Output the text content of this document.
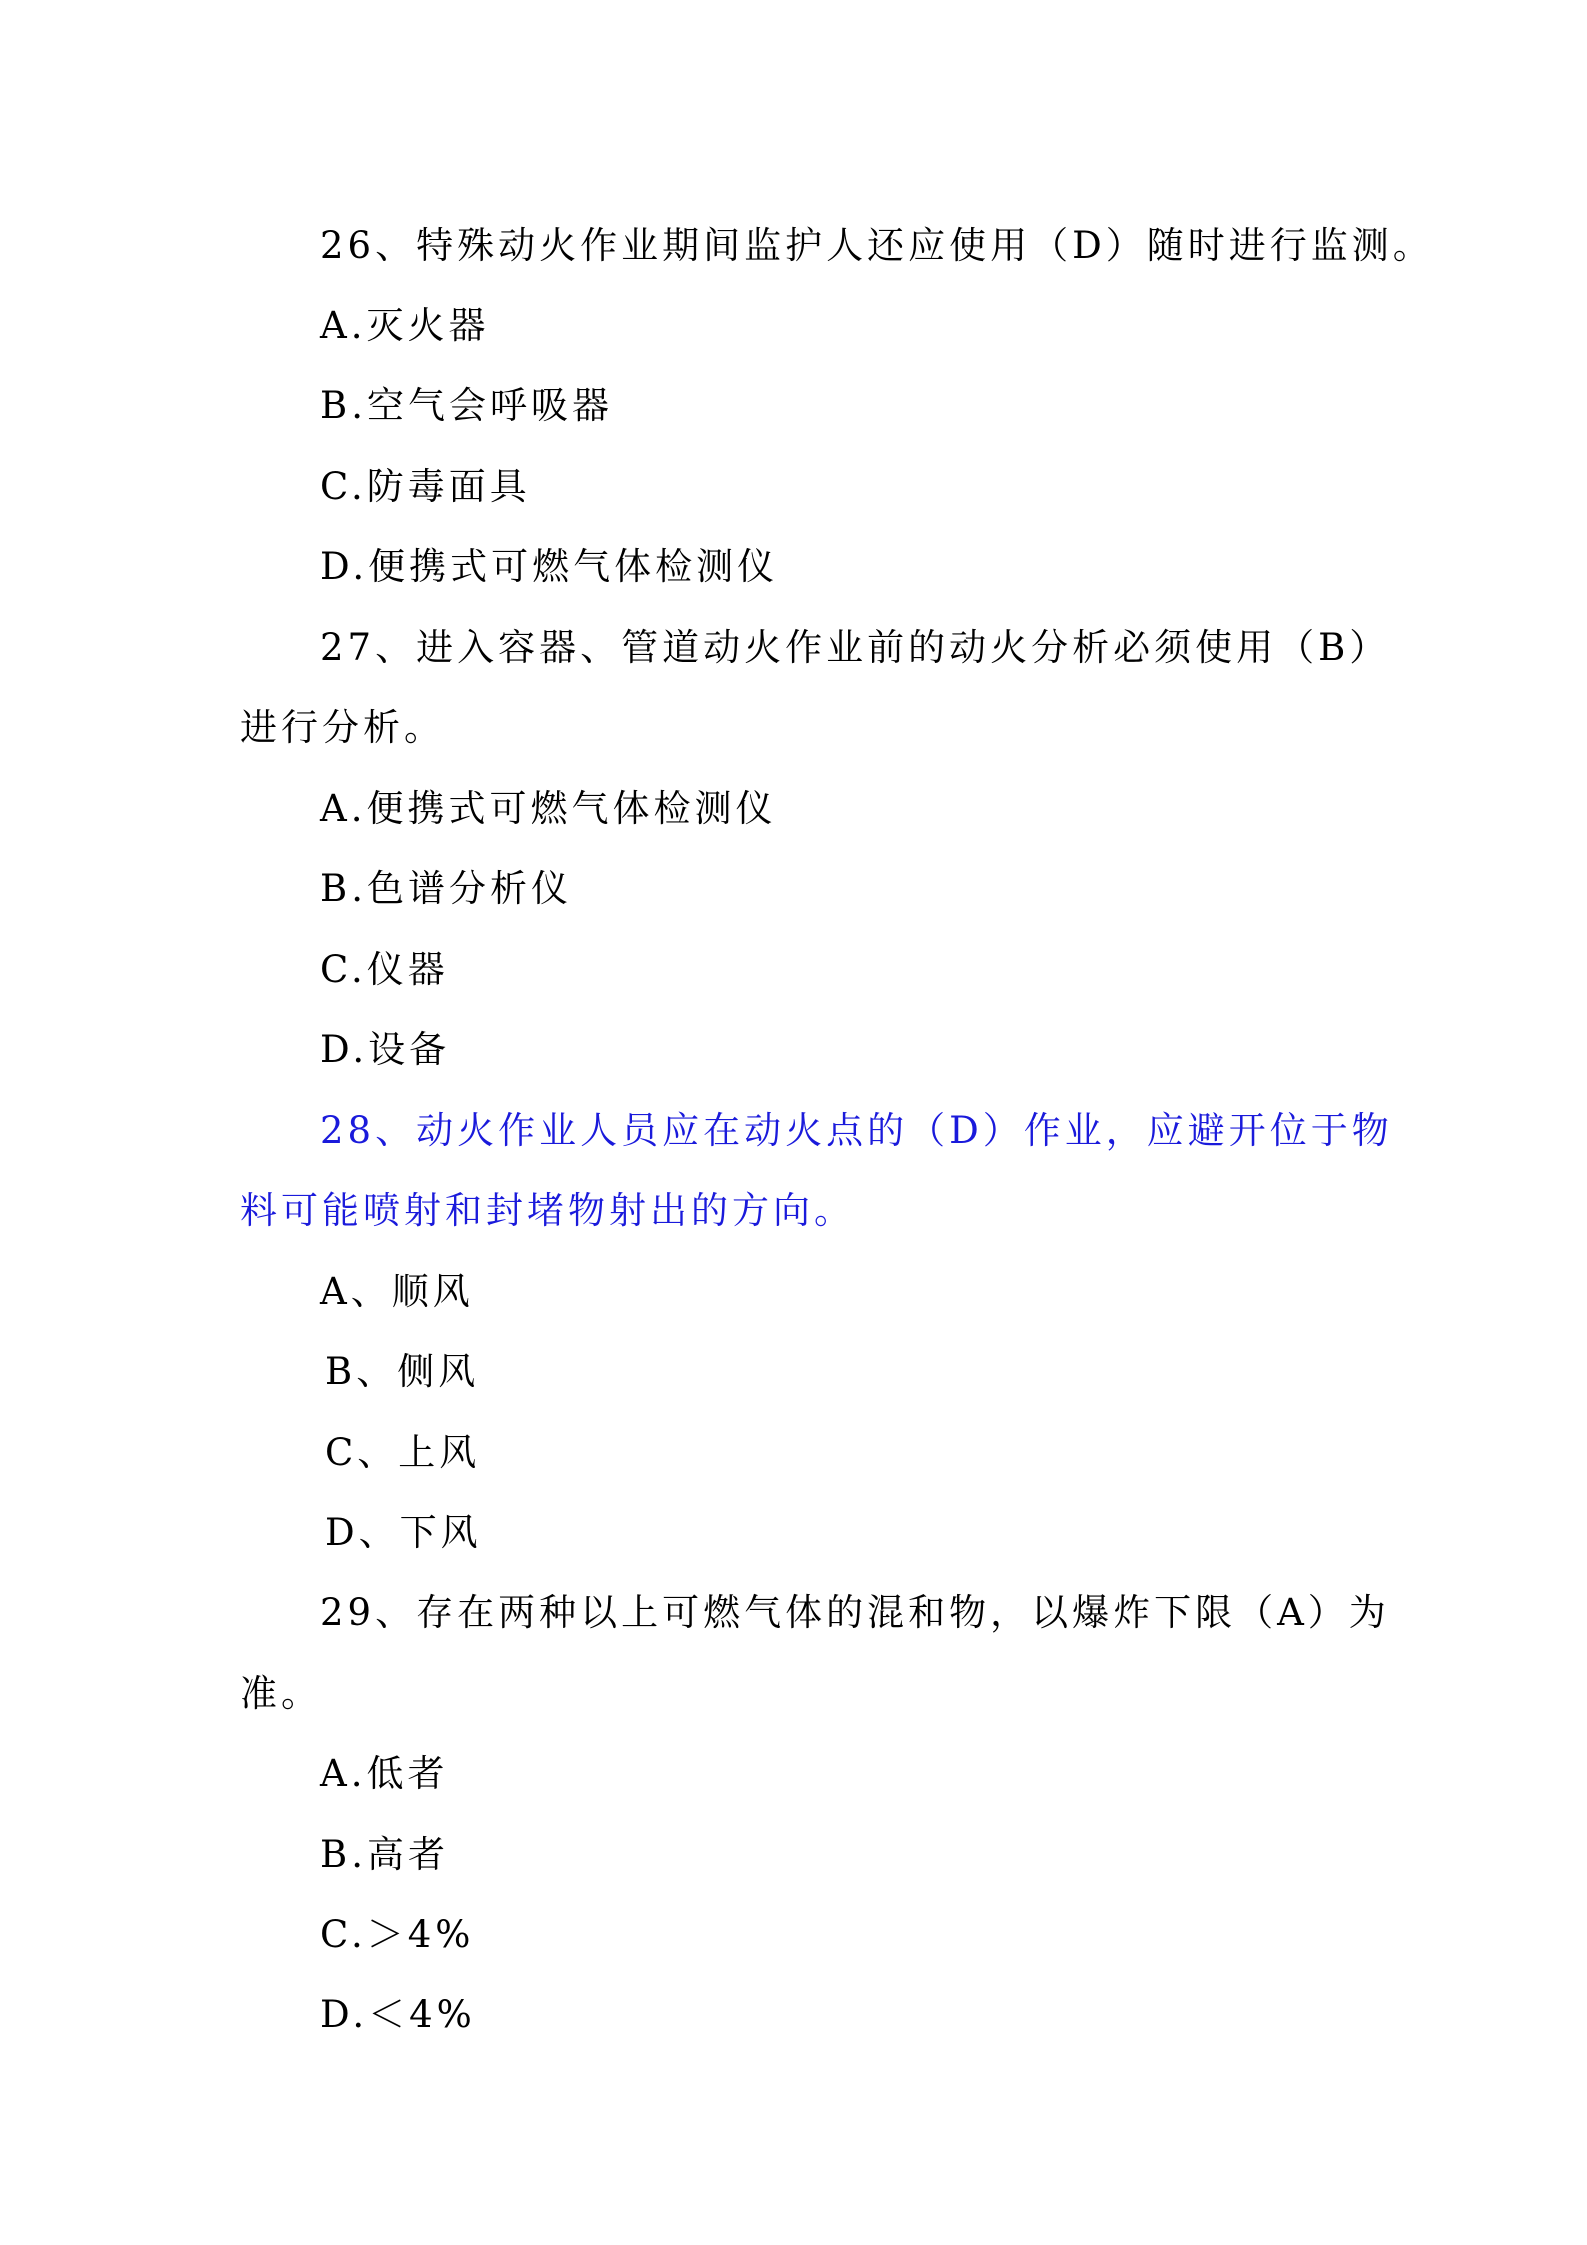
26、特殊动火作业期间监护人还应使用（D）随时进行监测。
A.灭火器
B.空气会呼吸器
C.防毒面具
D.便携式可燃气体检测仪
27、进入容器、管道动火作业前的动火分析必须使用（B）
进行分析。
A.便携式可燃气体检测仪
B.色谱分析仪
C.仪器
D.设备
28、动火作业人员应在动火点的（D）作业，应避开位于物
料可能喷射和封堵物射出的方向。
A、顺风
B、侧风
C、上风
D、下风
29、存在两种以上可燃气体的混和物，以爆炸下限（A）为
准。
A.低者
B.高者
C.＞4%
D.＜4%
